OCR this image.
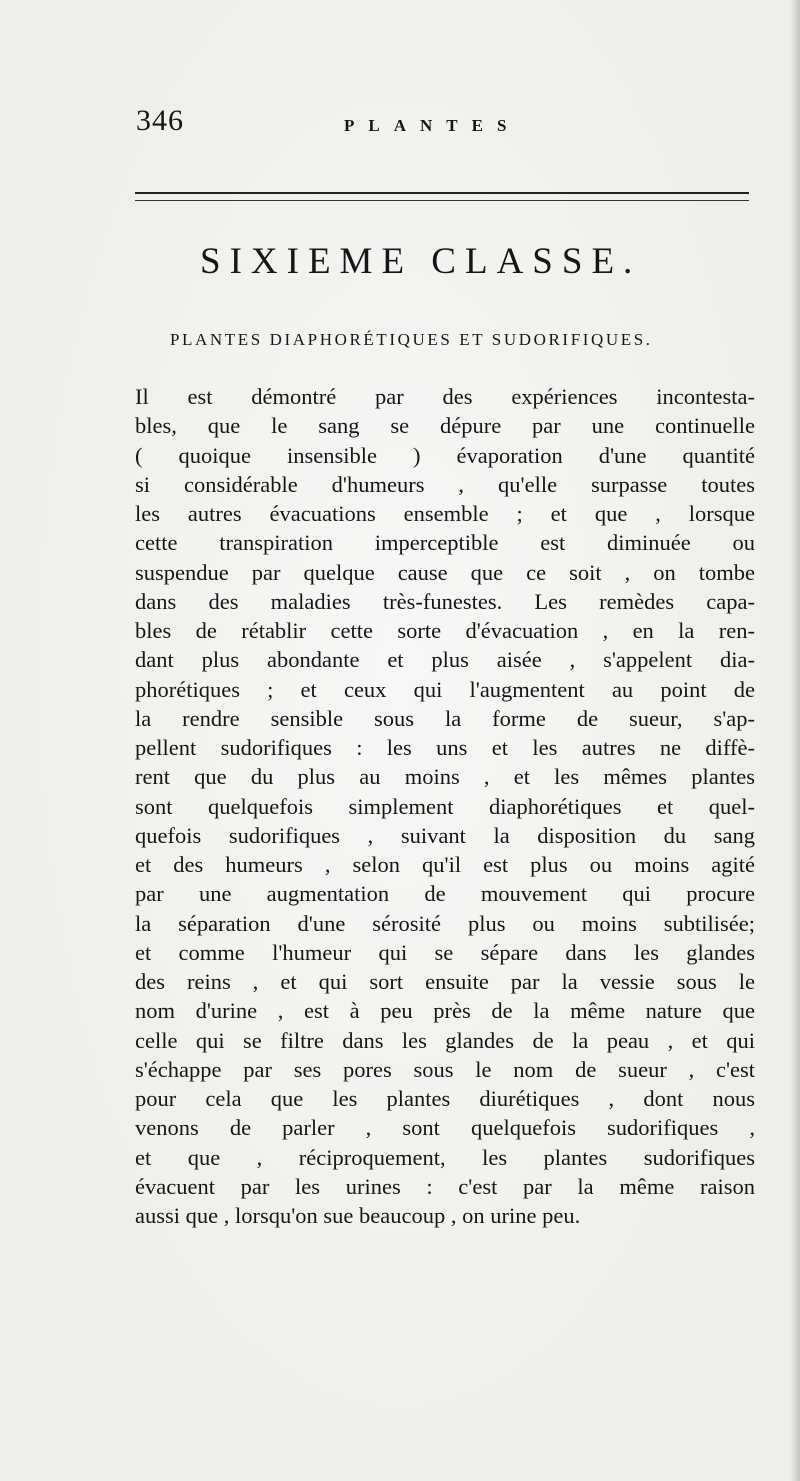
346	PLANTES
SIXIEME CLASSE.
PLANTES DIAPHORÉTIQUES ET SUDORIFIQUES.
Il est démontré par des expériences incontesta-
bles, que le sang se dépure par une continuelle
( quoique insensible ) évaporation d'une quantité
si considérable d'humeurs , qu'elle surpasse toutes
les autres évacuations ensemble ; et que , lorsque
cette transpiration imperceptible est diminuée ou
suspendue par quelque cause que ce soit , on tombe
dans des maladies très-funestes. Les remèdes capa-
bles de rétablir cette sorte d'évacuation , en la ren-
dant plus abondante et plus aisée , s'appelent dia-
phorétiques ; et ceux qui l'augmentent au point de
la rendre sensible sous la forme de sueur, s'ap-
pellent sudorifiques : les uns et les autres ne diffè-
rent que du plus au moins , et les mêmes plantes
sont quelquefois simplement diaphorétiques et quel-
quefois sudorifiques , suivant la disposition du sang
et des humeurs , selon qu'il est plus ou moins agité
par une augmentation de mouvement qui procure
la séparation d'une sérosité plus ou moins subtilisée;
et comme l'humeur qui se sépare dans les glandes
des reins , et qui sort ensuite par la vessie sous le
nom d'urine , est à peu près de la même nature que
celle qui se filtre dans les glandes de la peau , et qui
s'échappe par ses pores sous le nom de sueur , c'est
pour cela que les plantes diurétiques , dont nous
venons de parler , sont quelquefois sudorifiques ,
et que , réciproquement, les plantes sudorifiques
évacuent par les urines : c'est par la même raison
aussi que , lorsqu'on sue beaucoup , on urine peu.
